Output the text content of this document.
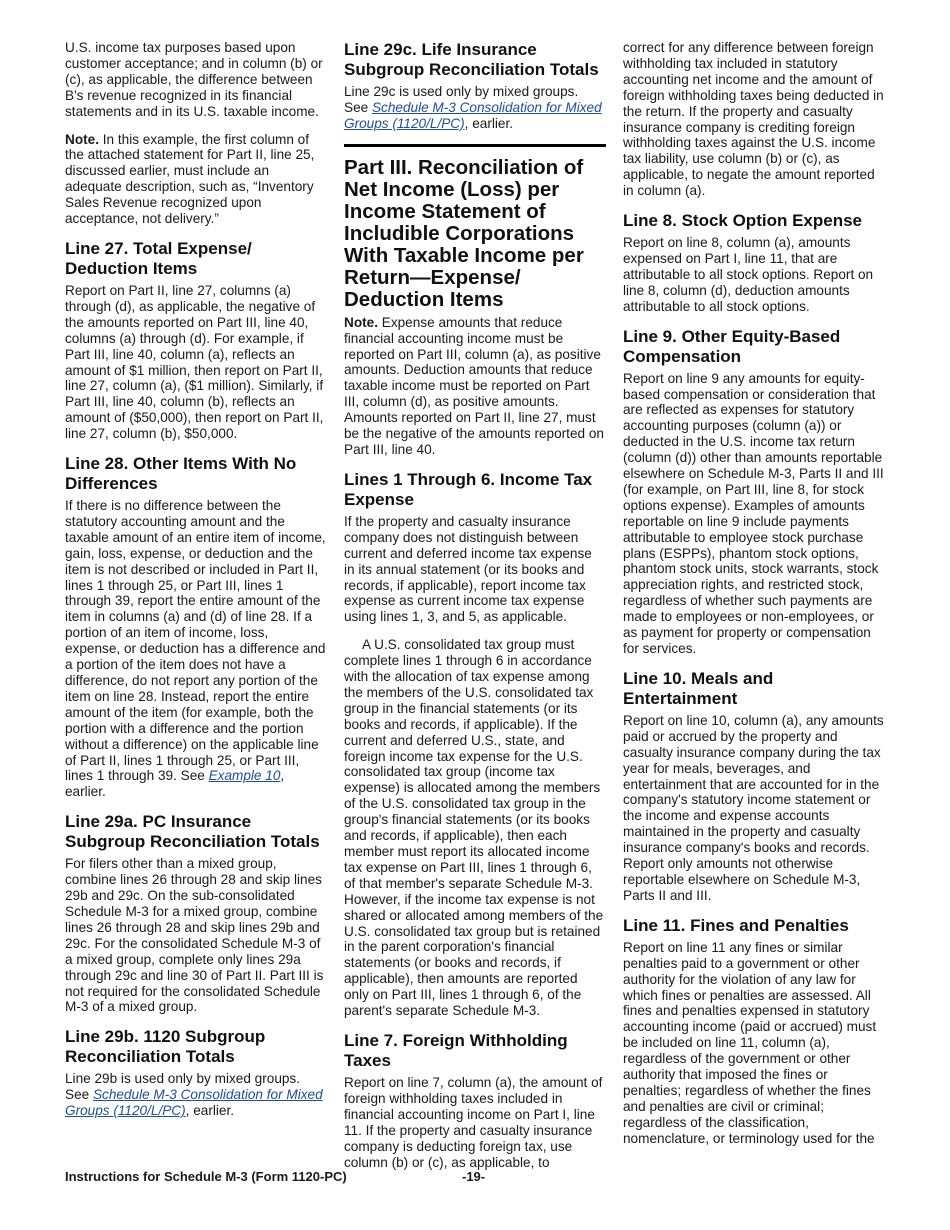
U.S. income tax purposes based upon customer acceptance; and in column (b) or (c), as applicable, the difference between B's revenue recognized in its financial statements and in its U.S. taxable income.

Note. In this example, the first column of the attached statement for Part II, line 25, discussed earlier, must include an adequate description, such as, “Inventory Sales Revenue recognized upon acceptance, not delivery.”

Line 27. Total Expense/ Deduction Items

Report on Part II, line 27, columns (a) through (d), as applicable, the negative of the amounts reported on Part III, line 40, columns (a) through (d). For example, if Part III, line 40, column (a), reflects an amount of $1 million, then report on Part II, line 27, column (a), ($1 million). Similarly, if Part III, line 40, column (b), reflects an amount of ($50,000), then report on Part II, line 27, column (b), $50,000.

Line 28. Other Items With No Differences

If there is no difference between the statutory accounting amount and the taxable amount of an entire item of income, gain, loss, expense, or deduction and the item is not described or included in Part II, lines 1 through 25, or Part III, lines 1 through 39, report the entire amount of the item in columns (a) and (d) of line 28. If a portion of an item of income, loss, expense, or deduction has a difference and a portion of the item does not have a difference, do not report any portion of the item on line 28. Instead, report the entire amount of the item (for example, both the portion with a difference and the portion without a difference) on the applicable line of Part II, lines 1 through 25, or Part III, lines 1 through 39. See Example 10, earlier.

Line 29a. PC Insurance Subgroup Reconciliation Totals

For filers other than a mixed group, combine lines 26 through 28 and skip lines 29b and 29c. On the sub-consolidated Schedule M-3 for a mixed group, combine lines 26 through 28 and skip lines 29b and 29c. For the consolidated Schedule M-3 of a mixed group, complete only lines 29a through 29c and line 30 of Part II. Part III is not required for the consolidated Schedule M-3 of a mixed group.

Line 29b. 1120 Subgroup Reconciliation Totals

Line 29b is used only by mixed groups. See Schedule M-3 Consolidation for Mixed Groups (1120/L/PC), earlier.

Line 29c. Life Insurance Subgroup Reconciliation Totals

Line 29c is used only by mixed groups. See Schedule M-3 Consolidation for Mixed Groups (1120/L/PC), earlier.

Part III. Reconciliation of Net Income (Loss) per Income Statement of Includible Corporations With Taxable Income per Return—Expense/ Deduction Items

Note. Expense amounts that reduce financial accounting income must be reported on Part III, column (a), as positive amounts. Deduction amounts that reduce taxable income must be reported on Part III, column (d), as positive amounts. Amounts reported on Part II, line 27, must be the negative of the amounts reported on Part III, line 40.

Lines 1 Through 6. Income Tax Expense

If the property and casualty insurance company does not distinguish between current and deferred income tax expense in its annual statement (or its books and records, if applicable), report income tax expense as current income tax expense using lines 1, 3, and 5, as applicable.

A U.S. consolidated tax group must complete lines 1 through 6 in accordance with the allocation of tax expense among the members of the U.S. consolidated tax group in the financial statements (or its books and records, if applicable). If the current and deferred U.S., state, and foreign income tax expense for the U.S. consolidated tax group (income tax expense) is allocated among the members of the U.S. consolidated tax group in the group's financial statements (or its books and records, if applicable), then each member must report its allocated income tax expense on Part III, lines 1 through 6, of that member's separate Schedule M-3. However, if the income tax expense is not shared or allocated among members of the U.S. consolidated tax group but is retained in the parent corporation's financial statements (or books and records, if applicable), then amounts are reported only on Part III, lines 1 through 6, of the parent's separate Schedule M-3.

Line 7. Foreign Withholding Taxes

Report on line 7, column (a), the amount of foreign withholding taxes included in financial accounting income on Part I, line 11. If the property and casualty insurance company is deducting foreign tax, use column (b) or (c), as applicable, to

correct for any difference between foreign withholding tax included in statutory accounting net income and the amount of foreign withholding taxes being deducted in the return. If the property and casualty insurance company is crediting foreign withholding taxes against the U.S. income tax liability, use column (b) or (c), as applicable, to negate the amount reported in column (a).

Line 8. Stock Option Expense

Report on line 8, column (a), amounts expensed on Part I, line 11, that are attributable to all stock options. Report on line 8, column (d), deduction amounts attributable to all stock options.

Line 9. Other Equity-Based Compensation

Report on line 9 any amounts for equity-based compensation or consideration that are reflected as expenses for statutory accounting purposes (column (a)) or deducted in the U.S. income tax return (column (d)) other than amounts reportable elsewhere on Schedule M-3, Parts II and III (for example, on Part III, line 8, for stock options expense). Examples of amounts reportable on line 9 include payments attributable to employee stock purchase plans (ESPPs), phantom stock options, phantom stock units, stock warrants, stock appreciation rights, and restricted stock, regardless of whether such payments are made to employees or non-employees, or as payment for property or compensation for services.

Line 10. Meals and Entertainment

Report on line 10, column (a), any amounts paid or accrued by the property and casualty insurance company during the tax year for meals, beverages, and entertainment that are accounted for in the company's statutory income statement or the income and expense accounts maintained in the property and casualty insurance company's books and records. Report only amounts not otherwise reportable elsewhere on Schedule M-3, Parts II and III.

Line 11. Fines and Penalties

Report on line 11 any fines or similar penalties paid to a government or other authority for the violation of any law for which fines or penalties are assessed. All fines and penalties expensed in statutory accounting income (paid or accrued) must be included on line 11, column (a), regardless of the government or other authority that imposed the fines or penalties; regardless of whether the fines and penalties are civil or criminal; regardless of the classification, nomenclature, or terminology used for the

Instructions for Schedule M-3 (Form 1120-PC)	-19-
